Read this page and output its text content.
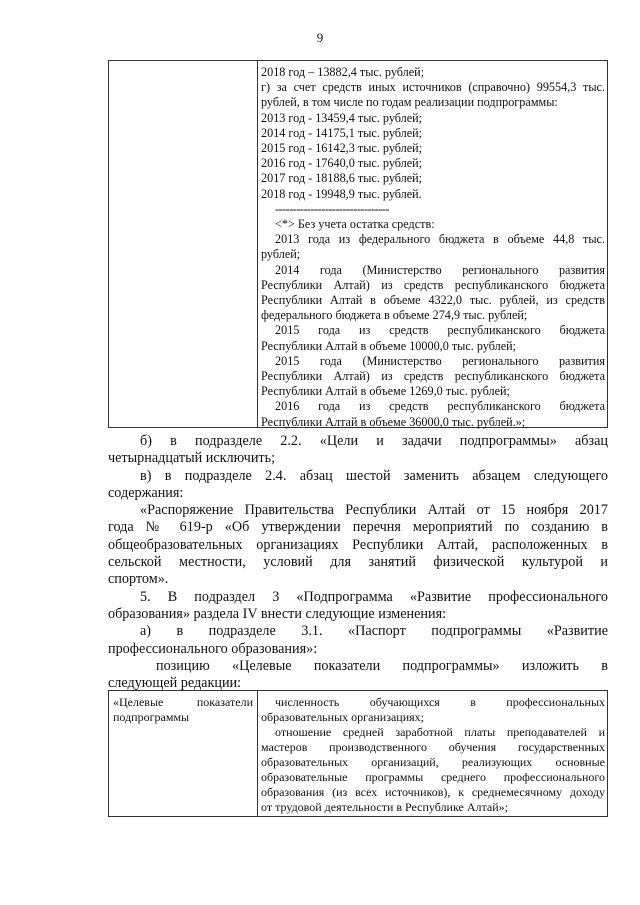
9
2018 год – 13882,4 тыс. рублей;
г) за счет средств иных источников (справочно) 99554,3 тыс.
рублей, в том числе по годам реализации подпрограммы:
2013 год - 13459,4 тыс. рублей;
2014 год - 14175,1 тыс. рублей;
2015 год - 16142,3 тыс. рублей;
2016 год - 17640,0 тыс. рублей;
2017 год - 18188,6 тыс. рублей;
2018 год - 19948,9 тыс. рублей.
--------------------------------
<*> Без учета остатка средств:
2013 года из федерального бюджета в объеме 44,8 тыс.
рублей;
2014 года (Министерство регионального развития
Республики Алтай) из средств республиканского бюджета
Республики Алтай в объеме 4322,0 тыс. рублей, из средств
федерального бюджета в объеме 274,9 тыс. рублей;
2015 года из средств республиканского бюджета
Республики Алтай в объеме 10000,0 тыс. рублей;
2015 года (Министерство регионального развития
Республики Алтай) из средств республиканского бюджета
Республики Алтай в объеме 1269,0 тыс. рублей;
2016 года из средств республиканского бюджета
Республики Алтай в объеме 36000,0 тыс. рублей.»;
б) в подразделе 2.2. «Цели и задачи подпрограммы» абзац
четырнадцатый исключить;
в) в подразделе 2.4. абзац шестой заменить абзацем следующего
содержания:
«Распоряжение Правительства Республики Алтай от 15 ноября 2017
года № 619-р «Об утверждении перечня мероприятий по созданию в
общеобразовательных организациях Республики Алтай, расположенных в
сельской местности, условий для занятий физической культурой и
спортом».
5. В подраздел 3 «Подпрограмма «Развитие профессионального
образования» раздела IV внести следующие изменения:
а) в подразделе 3.1. «Паспорт подпрограммы «Развитие
профессионального образования»:
позицию «Целевые показатели подпрограммы» изложить в
следующей редакции:
«Целевые показатели
подпрограммы
численность обучающихся в профессиональных
образовательных организациях;
отношение средней заработной платы преподавателей и
мастеров производственного обучения государственных
образовательных организаций, реализующих основные
образовательные программы среднего профессионального
образования (из всех источников), к среднемесячному доходу
от трудовой деятельности в Республике Алтай»;
